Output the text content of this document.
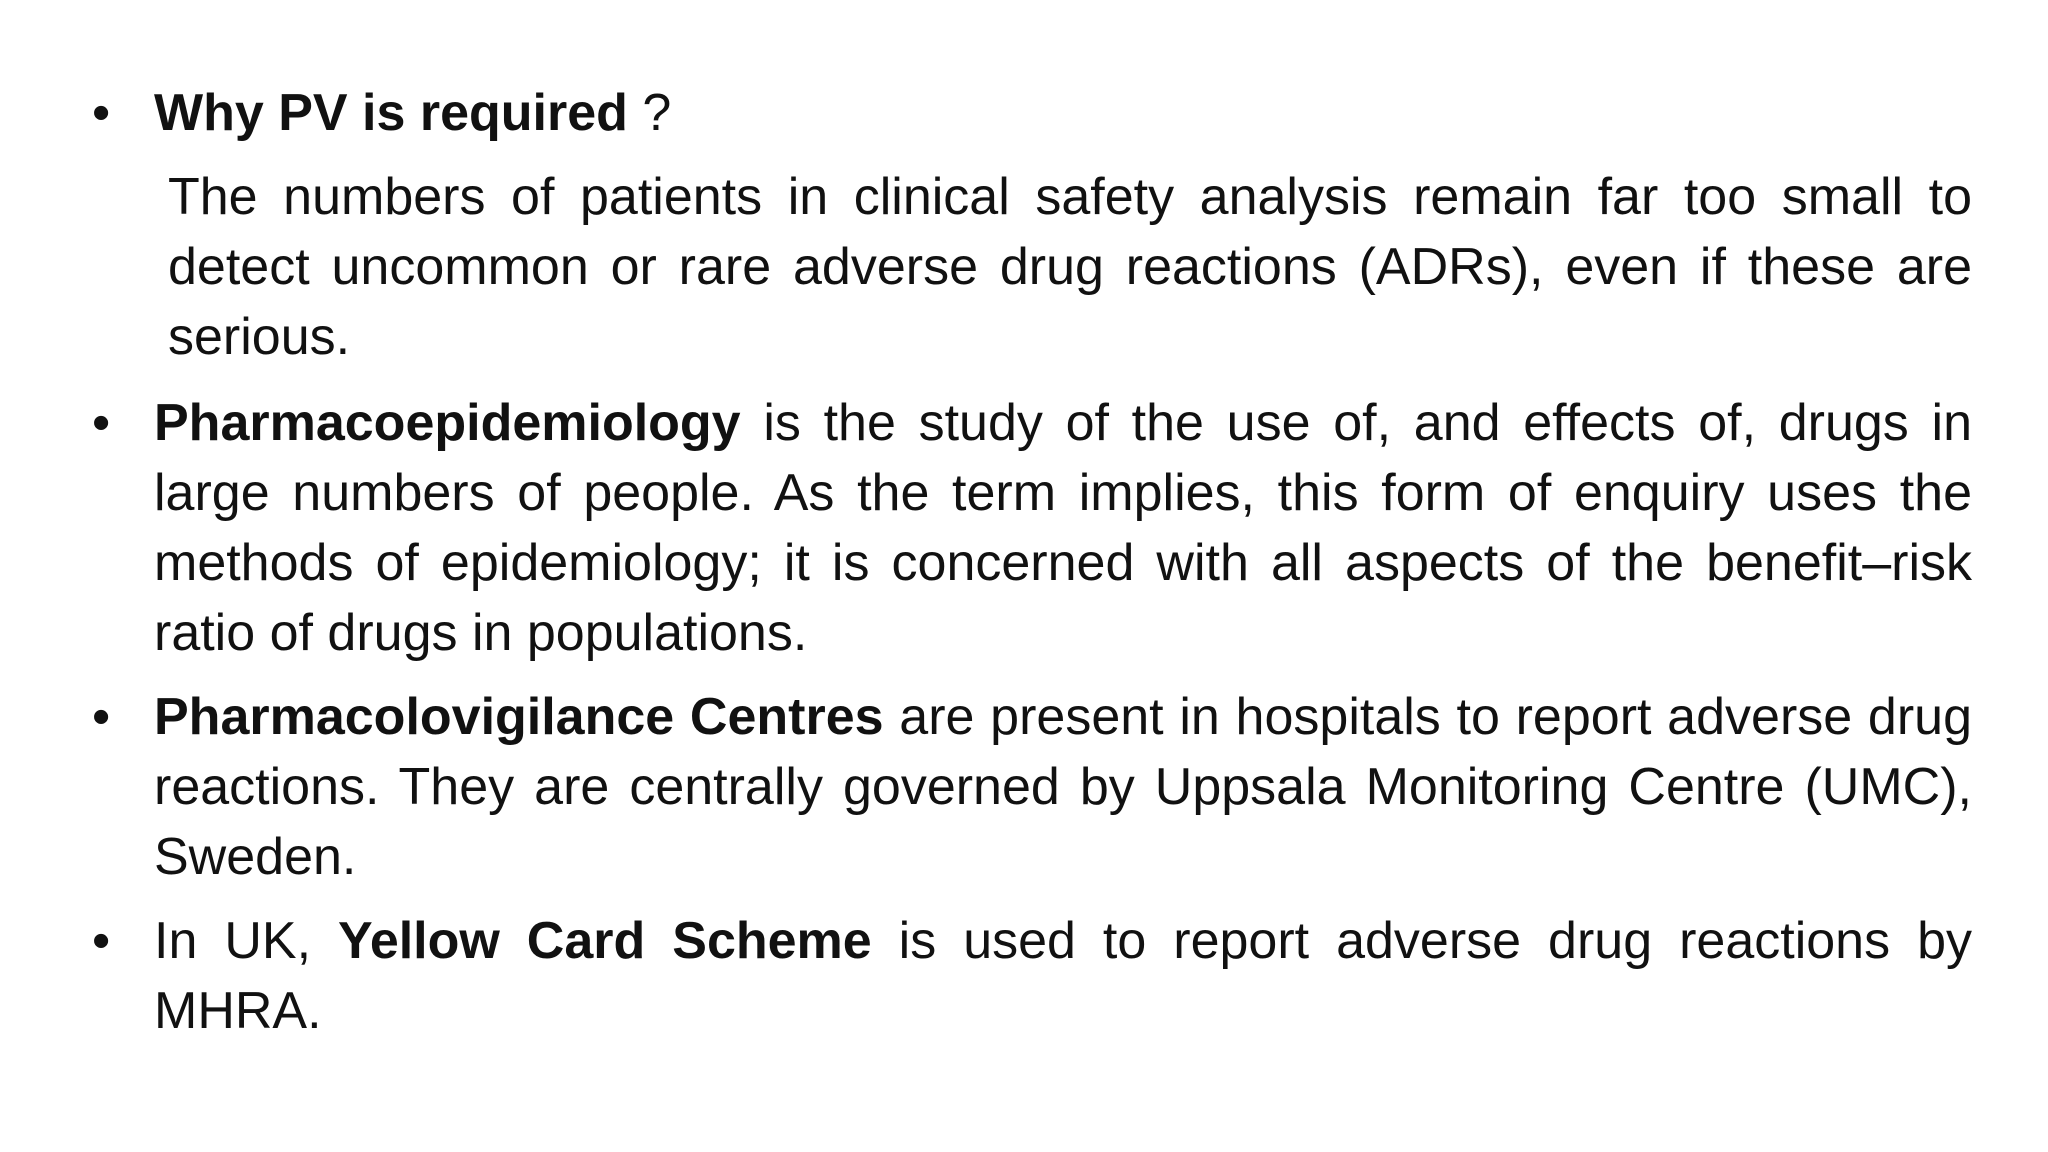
• Why PV is required ?
The numbers of patients in clinical safety analysis remain far too small to detect uncommon or rare adverse drug reactions (ADRs), even if these are serious.
• Pharmacoepidemiology is the study of the use of, and effects of, drugs in large numbers of people. As the term implies, this form of enquiry uses the methods of epidemiology; it is concerned with all aspects of the benefit–risk ratio of drugs in populations.
• Pharmacolovigilance Centres are present in hospitals to report adverse drug reactions. They are centrally governed by Uppsala Monitoring Centre (UMC), Sweden.
• In UK, Yellow Card Scheme is used to report adverse drug reactions by MHRA.
